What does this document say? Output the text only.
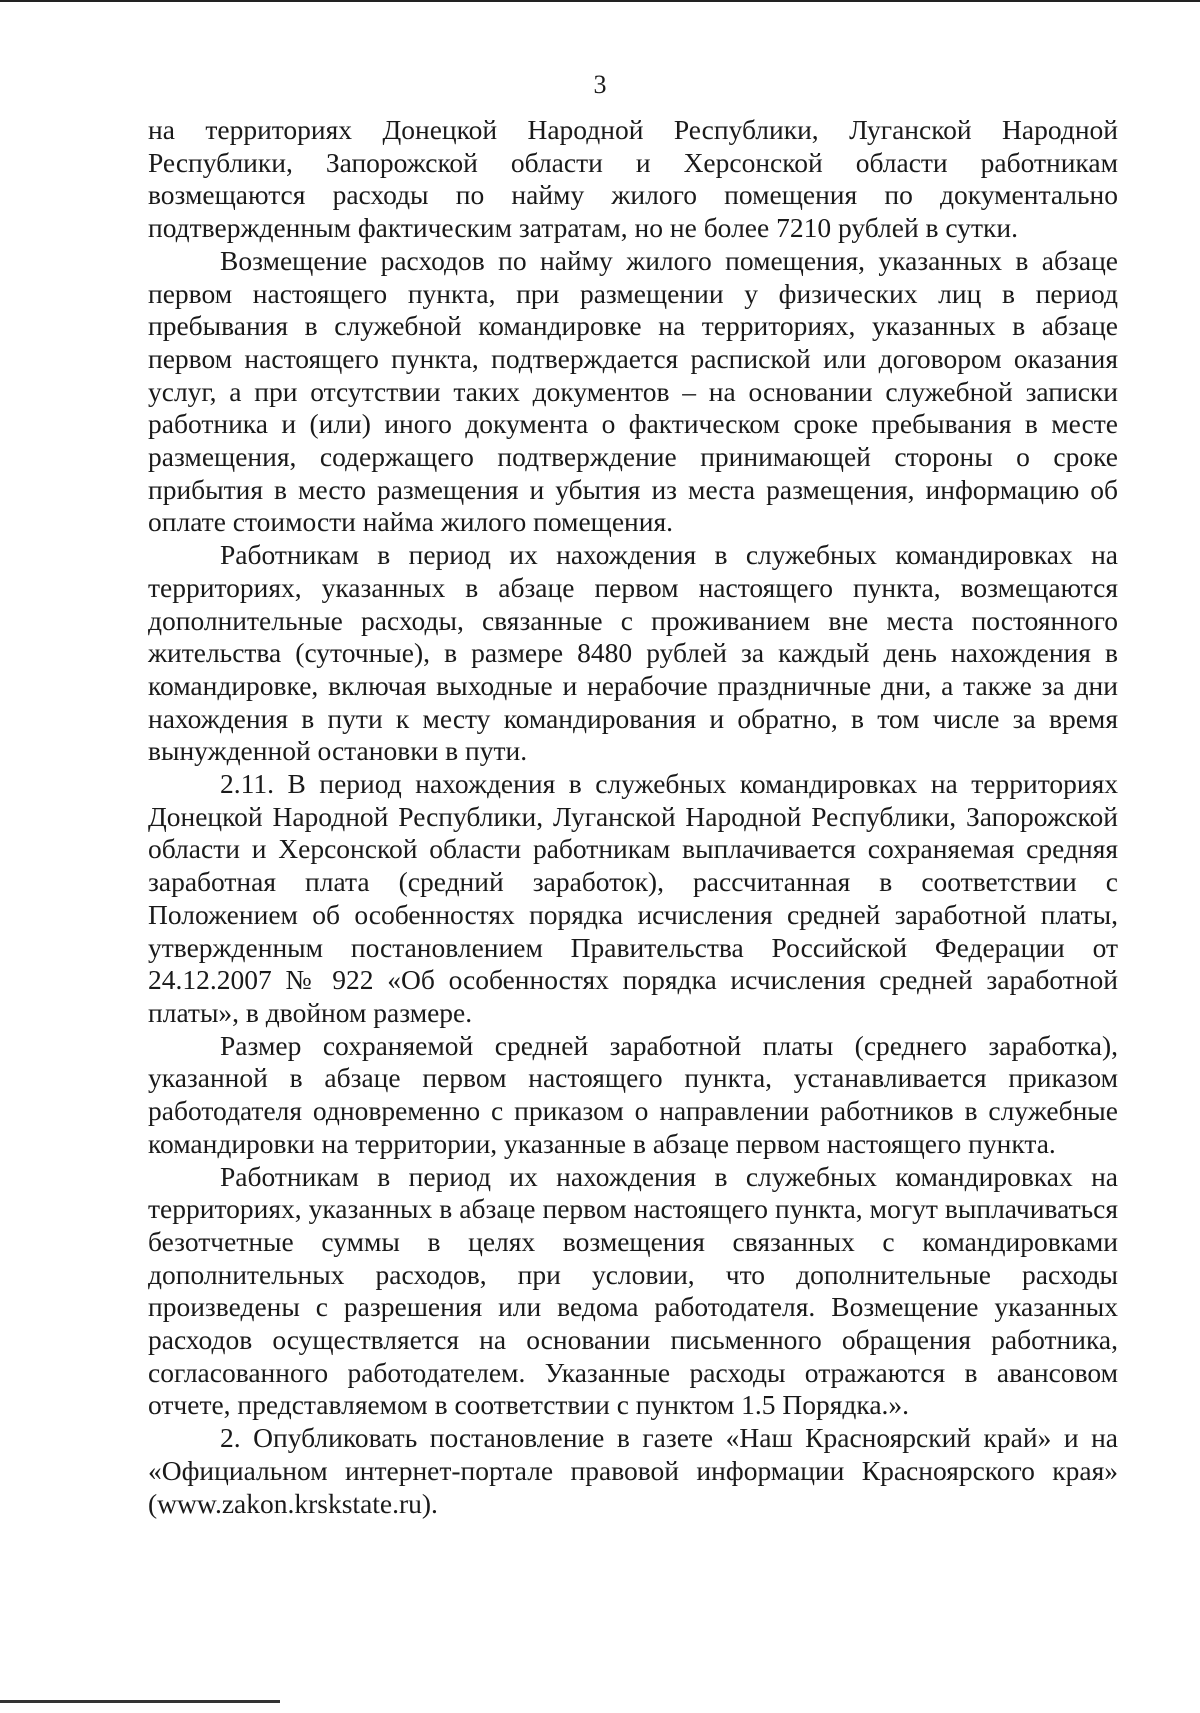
3

на территориях Донецкой Народной Республики, Луганской Народной Республики, Запорожской области и Херсонской области работникам возмещаются расходы по найму жилого помещения по документально подтвержденным фактическим затратам, но не более 7210 рублей в сутки.

Возмещение расходов по найму жилого помещения, указанных в абзаце первом настоящего пункта, при размещении у физических лиц в период пребывания в служебной командировке на территориях, указанных в абзаце первом настоящего пункта, подтверждается распиской или договором оказания услуг, а при отсутствии таких документов – на основании служебной записки работника и (или) иного документа о фактическом сроке пребывания в месте размещения, содержащего подтверждение принимающей стороны о сроке прибытия в место размещения и убытия из места размещения, информацию об оплате стоимости найма жилого помещения.

Работникам в период их нахождения в служебных командировках на территориях, указанных в абзаце первом настоящего пункта, возмещаются дополнительные расходы, связанные с проживанием вне места постоянного жительства (суточные), в размере 8480 рублей за каждый день нахождения в командировке, включая выходные и нерабочие праздничные дни, а также за дни нахождения в пути к месту командирования и обратно, в том числе за время вынужденной остановки в пути.

2.11. В период нахождения в служебных командировках на территориях Донецкой Народной Республики, Луганской Народной Республики, Запорожской области и Херсонской области работникам выплачивается сохраняемая средняя заработная плата (средний заработок), рассчитанная в соответствии с Положением об особенностях порядка исчисления средней заработной платы, утвержденным постановлением Правительства Российской Федерации от 24.12.2007 № 922 «Об особенностях порядка исчисления средней заработной платы», в двойном размере.

Размер сохраняемой средней заработной платы (среднего заработка), указанной в абзаце первом настоящего пункта, устанавливается приказом работодателя одновременно с приказом о направлении работников в служебные командировки на территории, указанные в абзаце первом настоящего пункта.

Работникам в период их нахождения в служебных командировках на территориях, указанных в абзаце первом настоящего пункта, могут выплачиваться безотчетные суммы в целях возмещения связанных с командировками дополнительных расходов, при условии, что дополнительные расходы произведены с разрешения или ведома работодателя. Возмещение указанных расходов осуществляется на основании письменного обращения работника, согласованного работодателем. Указанные расходы отражаются в авансовом отчете, представляемом в соответствии с пунктом 1.5 Порядка.».

2. Опубликовать постановление в газете «Наш Красноярский край» и на «Официальном интернет-портале правовой информации Красноярского края» (www.zakon.krskstate.ru).
